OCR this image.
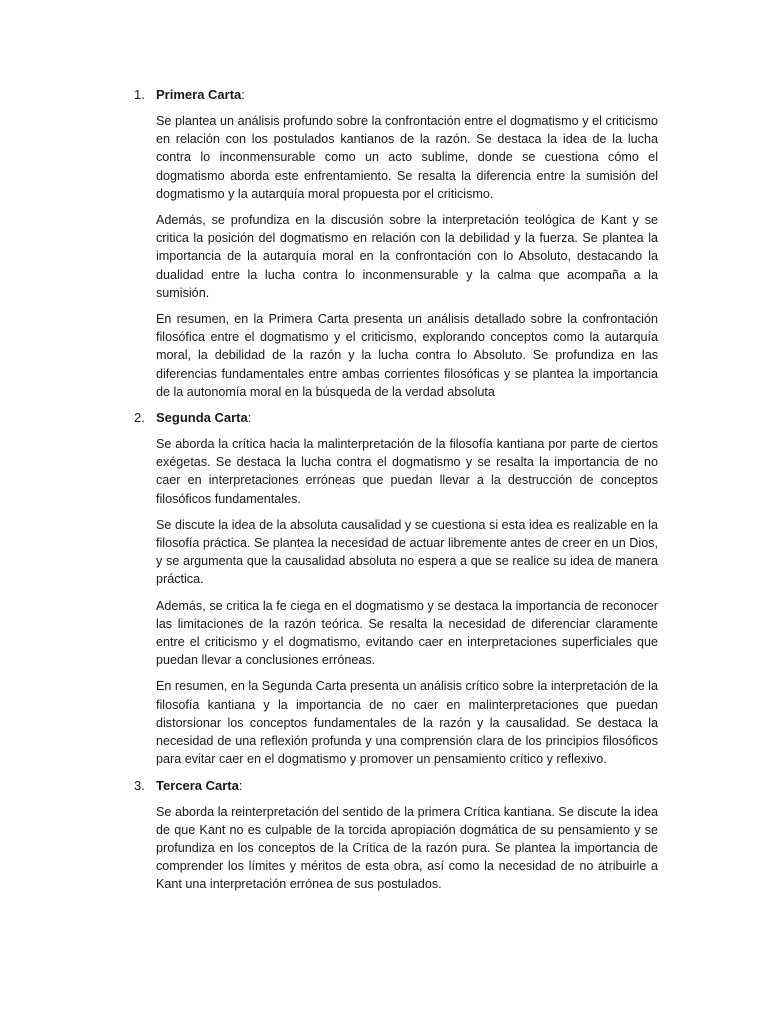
1. Primera Carta:

Se plantea un análisis profundo sobre la confrontación entre el dogmatismo y el criticismo en relación con los postulados kantianos de la razón. Se destaca la idea de la lucha contra lo inconmensurable como un acto sublime, donde se cuestiona cómo el dogmatismo aborda este enfrentamiento. Se resalta la diferencia entre la sumisión del dogmatismo y la autarquía moral propuesta por el criticismo.

Además, se profundiza en la discusión sobre la interpretación teológica de Kant y se critica la posición del dogmatismo en relación con la debilidad y la fuerza. Se plantea la importancia de la autarquía moral en la confrontación con lo Absoluto, destacando la dualidad entre la lucha contra lo inconmensurable y la calma que acompaña a la sumisión.

En resumen, en la Primera Carta presenta un análisis detallado sobre la confrontación filosófica entre el dogmatismo y el criticismo, explorando conceptos como la autarquía moral, la debilidad de la razón y la lucha contra lo Absoluto. Se profundiza en las diferencias fundamentales entre ambas corrientes filosóficas y se plantea la importancia de la autonomía moral en la búsqueda de la verdad absoluta

2. Segunda Carta:

Se aborda la crítica hacia la malinterpretación de la filosofía kantiana por parte de ciertos exégetas. Se destaca la lucha contra el dogmatismo y se resalta la importancia de no caer en interpretaciones erróneas que puedan llevar a la destrucción de conceptos filosóficos fundamentales.

Se discute la idea de la absoluta causalidad y se cuestiona si esta idea es realizable en la filosofía práctica. Se plantea la necesidad de actuar libremente antes de creer en un Dios, y se argumenta que la causalidad absoluta no espera a que se realice su idea de manera práctica.

Además, se critica la fe ciega en el dogmatismo y se destaca la importancia de reconocer las limitaciones de la razón teórica. Se resalta la necesidad de diferenciar claramente entre el criticismo y el dogmatismo, evitando caer en interpretaciones superficiales que puedan llevar a conclusiones erróneas.

En resumen, en la Segunda Carta presenta un análisis crítico sobre la interpretación de la filosofía kantiana y la importancia de no caer en malinterpretaciones que puedan distorsionar los conceptos fundamentales de la razón y la causalidad. Se destaca la necesidad de una reflexión profunda y una comprensión clara de los principios filosóficos para evitar caer en el dogmatismo y promover un pensamiento crítico y reflexivo.

3. Tercera Carta:

Se aborda la reinterpretación del sentido de la primera Crítica kantiana. Se discute la idea de que Kant no es culpable de la torcida apropiación dogmática de su pensamiento y se profundiza en los conceptos de la Crítica de la razón pura. Se plantea la importancia de comprender los límites y méritos de esta obra, así como la necesidad de no atribuirle a Kant una interpretación errónea de sus postulados.
